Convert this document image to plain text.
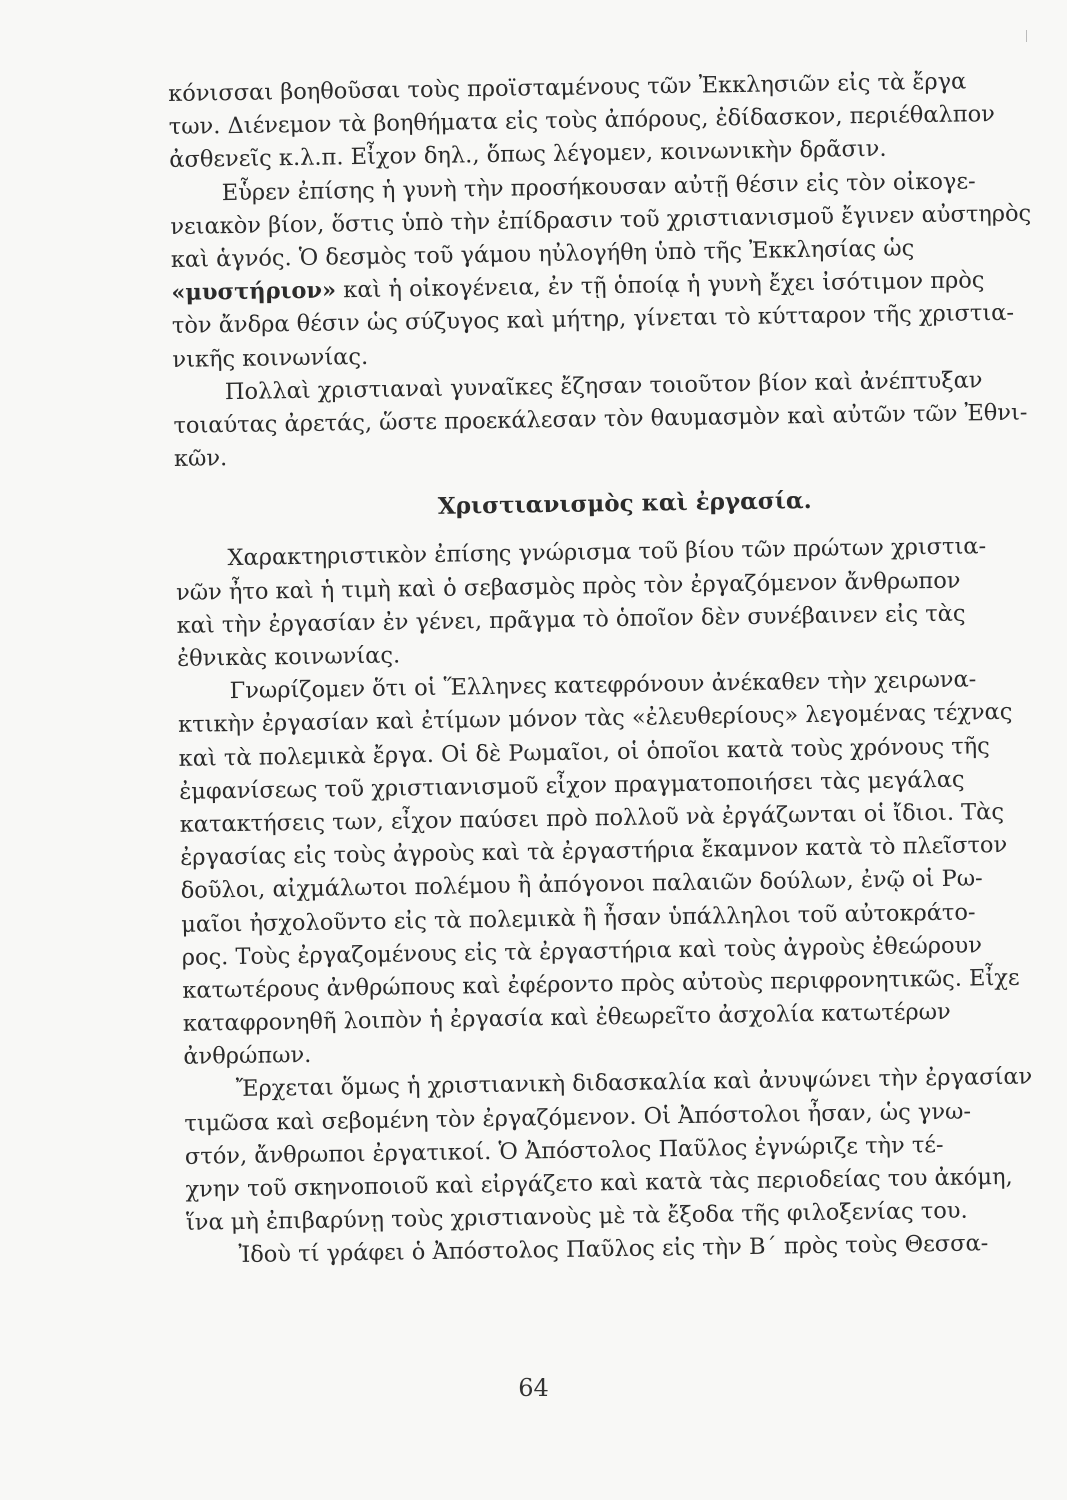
κόνισσαι βοηθοῦσαι τοὺς προϊσταμένους τῶν Ἐκκλησιῶν εἰς τὰ ἔργα
των. Διένεμον τὰ βοηθήματα εἰς τοὺς ἀπόρους, ἐδίδασκον, περιέθαλπον
ἀσθενεῖς κ.λ.π. Εἶχον δηλ., ὅπως λέγομεν, κοινωνικὴν δρᾶσιν.
Εὗρεν ἐπίσης ἡ γυνὴ τὴν προσήκουσαν αὐτῇ θέσιν εἰς τὸν οἰκογε-
νειακὸν βίον, ὅστις ὑπὸ τὴν ἐπίδρασιν τοῦ χριστιανισμοῦ ἔγινεν αὐστηρὸς
καὶ ἁγνός. Ὁ δεσμὸς τοῦ γάμου ηὐλογήθη ὑπὸ τῆς Ἐκκλησίας ὡς
«μυστήριον» καὶ ἡ οἰκογένεια, ἐν τῇ ὁποίᾳ ἡ γυνὴ ἔχει ἰσότιμον πρὸς
τὸν ἄνδρα θέσιν ὡς σύζυγος καὶ μήτηρ, γίνεται τὸ κύτταρον τῆς χριστια-
νικῆς κοινωνίας.
Πολλαὶ χριστιαναὶ γυναῖκες ἔζησαν τοιοῦτον βίον καὶ ἀνέπτυξαν
τοιαύτας ἀρετάς, ὥστε προεκάλεσαν τὸν θαυμασμὸν καὶ αὐτῶν τῶν Ἐθνι-
κῶν.
Χριστιανισμὸς καὶ ἐργασία.
Χαρακτηριστικὸν ἐπίσης γνώρισμα τοῦ βίου τῶν πρώτων χριστια-
νῶν ἦτο καὶ ἡ τιμὴ καὶ ὁ σεβασμὸς πρὸς τὸν ἐργαζόμενον ἄνθρωπον
καὶ τὴν ἐργασίαν ἐν γένει, πρᾶγμα τὸ ὁποῖον δὲν συνέβαινεν εἰς τὰς
ἐθνικὰς κοινωνίας.
Γνωρίζομεν ὅτι οἱ Ἕλληνες κατεφρόνουν ἀνέκαθεν τὴν χειρωνα-
κτικὴν ἐργασίαν καὶ ἐτίμων μόνον τὰς «ἐλευθερίους» λεγομένας τέχνας
καὶ τὰ πολεμικὰ ἔργα. Οἱ δὲ Ρωμαῖοι, οἱ ὁποῖοι κατὰ τοὺς χρόνους τῆς
ἐμφανίσεως τοῦ χριστιανισμοῦ εἶχον πραγματοποιήσει τὰς μεγάλας
κατακτήσεις των, εἶχον παύσει πρὸ πολλοῦ νὰ ἐργάζωνται οἱ ἴδιοι. Τὰς
ἐργασίας εἰς τοὺς ἀγροὺς καὶ τὰ ἐργαστήρια ἔκαμνον κατὰ τὸ πλεῖστον
δοῦλοι, αἰχμάλωτοι πολέμου ἢ ἀπόγονοι παλαιῶν δούλων, ἐνῷ οἱ Ρω-
μαῖοι ἠσχολοῦντο εἰς τὰ πολεμικὰ ἢ ἦσαν ὑπάλληλοι τοῦ αὐτοκράτο-
ρος. Τοὺς ἐργαζομένους εἰς τὰ ἐργαστήρια καὶ τοὺς ἀγροὺς ἐθεώρουν
κατωτέρους ἀνθρώπους καὶ ἐφέροντο πρὸς αὐτοὺς περιφρονητικῶς. Εἶχε
καταφρονηθῆ λοιπὸν ἡ ἐργασία καὶ ἐθεωρεῖτο ἀσχολία κατωτέρων
ἀνθρώπων.
Ἔρχεται ὅμως ἡ χριστιανικὴ διδασκαλία καὶ ἀνυψώνει τὴν ἐργασίαν
τιμῶσα καὶ σεβομένη τὸν ἐργαζόμενον. Οἱ Ἀπόστολοι ἦσαν, ὡς γνω-
στόν, ἄνθρωποι ἐργατικοί. Ὁ Ἀπόστολος Παῦλος ἐγνώριζε τὴν τέ-
χνην τοῦ σκηνοποιοῦ καὶ εἰργάζετο καὶ κατὰ τὰς περιοδείας του ἀκόμη,
ἵνα μὴ ἐπιβαρύνῃ τοὺς χριστιανοὺς μὲ τὰ ἔξοδα τῆς φιλοξενίας του.
Ἰδοὺ τί γράφει ὁ Ἀπόστολος Παῦλος εἰς τὴν Β΄ πρὸς τοὺς Θεσσα-
64
